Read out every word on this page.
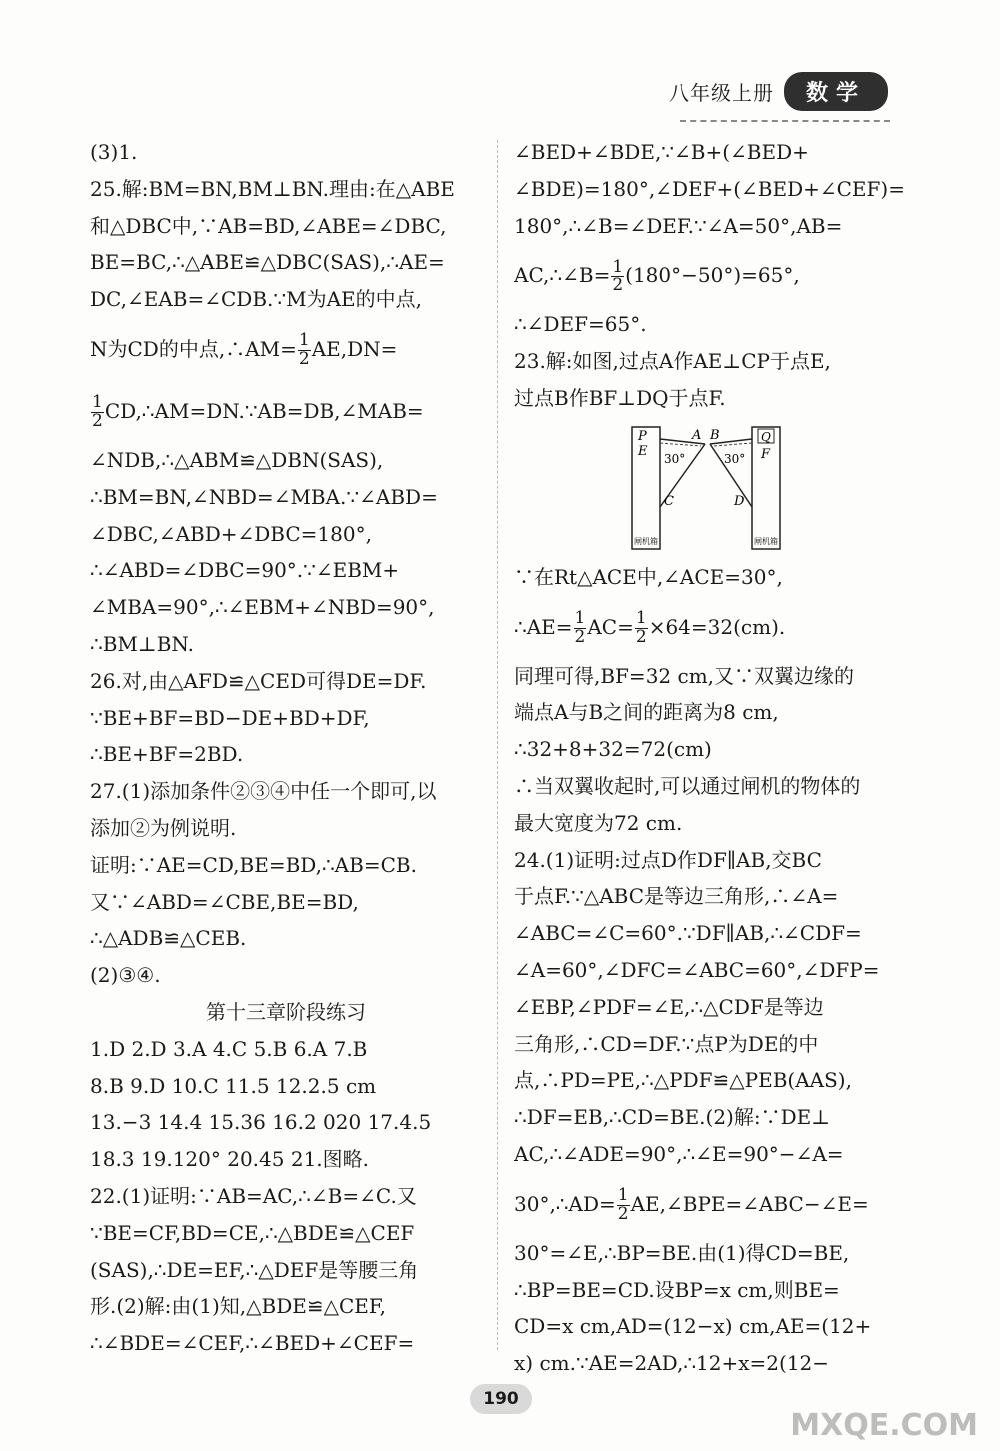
八年级上册	数学

(3)1.

25.解:BM=BN,BM⊥BN.理由:在△ABE

和△DBC中,∵AB=BD,∠ABE=∠DBC,

BE=BC,∴△ABE≌△DBC(SAS),∴AE=

DC,∠EAB=∠CDB.∵M为AE的中点,

N为CD的中点,∴AM= $\frac{1}{2} AE,DN=$

$\frac{1}{2}$ CD,∴AM=DN.∵AB=DB,∠MAB=

∠NDB,∴△ABM≌△DBN(SAS),

∴BM=BN,∠NBD=∠MBA.∵∠ABD=

∠DBC,∠ABD+∠DBC=180°,

∴∠ABD=∠DBC=90°.∵∠EBM+

∠MBA=90°,∴∠EBM+∠NBD=90°,

∴BM⊥BN.

26.对,由△AFD≌△CED可得DE=DF.

∵BE+BF=BD−DE+BD+DF,

∴BE+BF=2BD.

27.(1)添加条件②③④中任一个即可,以

添加②为例说明.

证明:∵AE=CD,BE=BD,∴AB=CB.

又∵∠ABD=∠CBE,BE=BD,

∴△ADB≌△CEB.

(2)③④.

第十三章阶段练习

1.D 2.D 3.A 4.C 5.B 6.A 7.B

8.B 9.D 10.C 11.5 12.2.5 cm

13.−3 14.4 15.36 16.2 020 17.4.5

18.3 19.120° 20.45 21.图略.

22.(1)证明:∵AB=AC,∴∠B=∠C.又

∵BE=CF,BD=CE,∴△BDE≌△CEF

(SAS),∴DE=EF,∴△DEF是等腰三角

形.(2)解:由(1)知,△BDE≌△CEF,

∴∠BDE=∠CEF,∴∠BED+∠CEF=

∠BED+∠BDE,∵∠B+(∠BED+

∠BDE)=180°,∠DEF+(∠BED+∠CEF)=

180°,∴∠B=∠DEF.∵∠A=50°,AB=

AC,∴∠B= $\frac{1}{2} (180^\circ-50^\circ)=65^\circ$,

∴∠DEF=65°.

23.解:如图,过点A作AE⊥CP于点E,

过点B作BF⊥DQ于点F.

P
E 30°
C
A B	Q
F
30°
D
闸机箱	闸机箱

∵在Rt△ACE中,∠ACE=30°,

∴AE= $\frac{1}{2} AC= \frac{1}{2} \times 64=32(cm)$.

同理可得,BF=32 cm,又∵双翼边缘的

端点A与B之间的距离为8 cm,

∴32+8+32=72(cm)

∴当双翼收起时,可以通过闸机的物体的

最大宽度为72 cm.

24.(1)证明:过点D作DF∥AB,交BC

于点F.∵△ABC是等边三角形,∴∠A=

∠ABC=∠C=60°.∵DF∥AB,∴∠CDF=

∠A=60°,∠DFC=∠ABC=60°,∠DFP=

∠EBP,∠PDF=∠E,∴△CDF是等边

三角形,∴CD=DF.∵点P为DE的中

点,∴PD=PE,∴△PDF≌△PEB(AAS),

∴DF=EB,∴CD=BE.(2)解:∵DE⊥

AC,∴∠ADE=90°,∴∠E=90°−∠A=

30°,∴AD= $\frac{1}{2}$ AE,∠BPE=∠ABC−∠E=

30°=∠E,∴BP=BE.由(1)得CD=BE,

∴BP=BE=CD.设BP=x cm,则BE=

CD=x cm,AD=(12−x) cm,AE=(12+

x) cm.∵AE=2AD,∴12+x=2(12−

190
MXQE.COM
